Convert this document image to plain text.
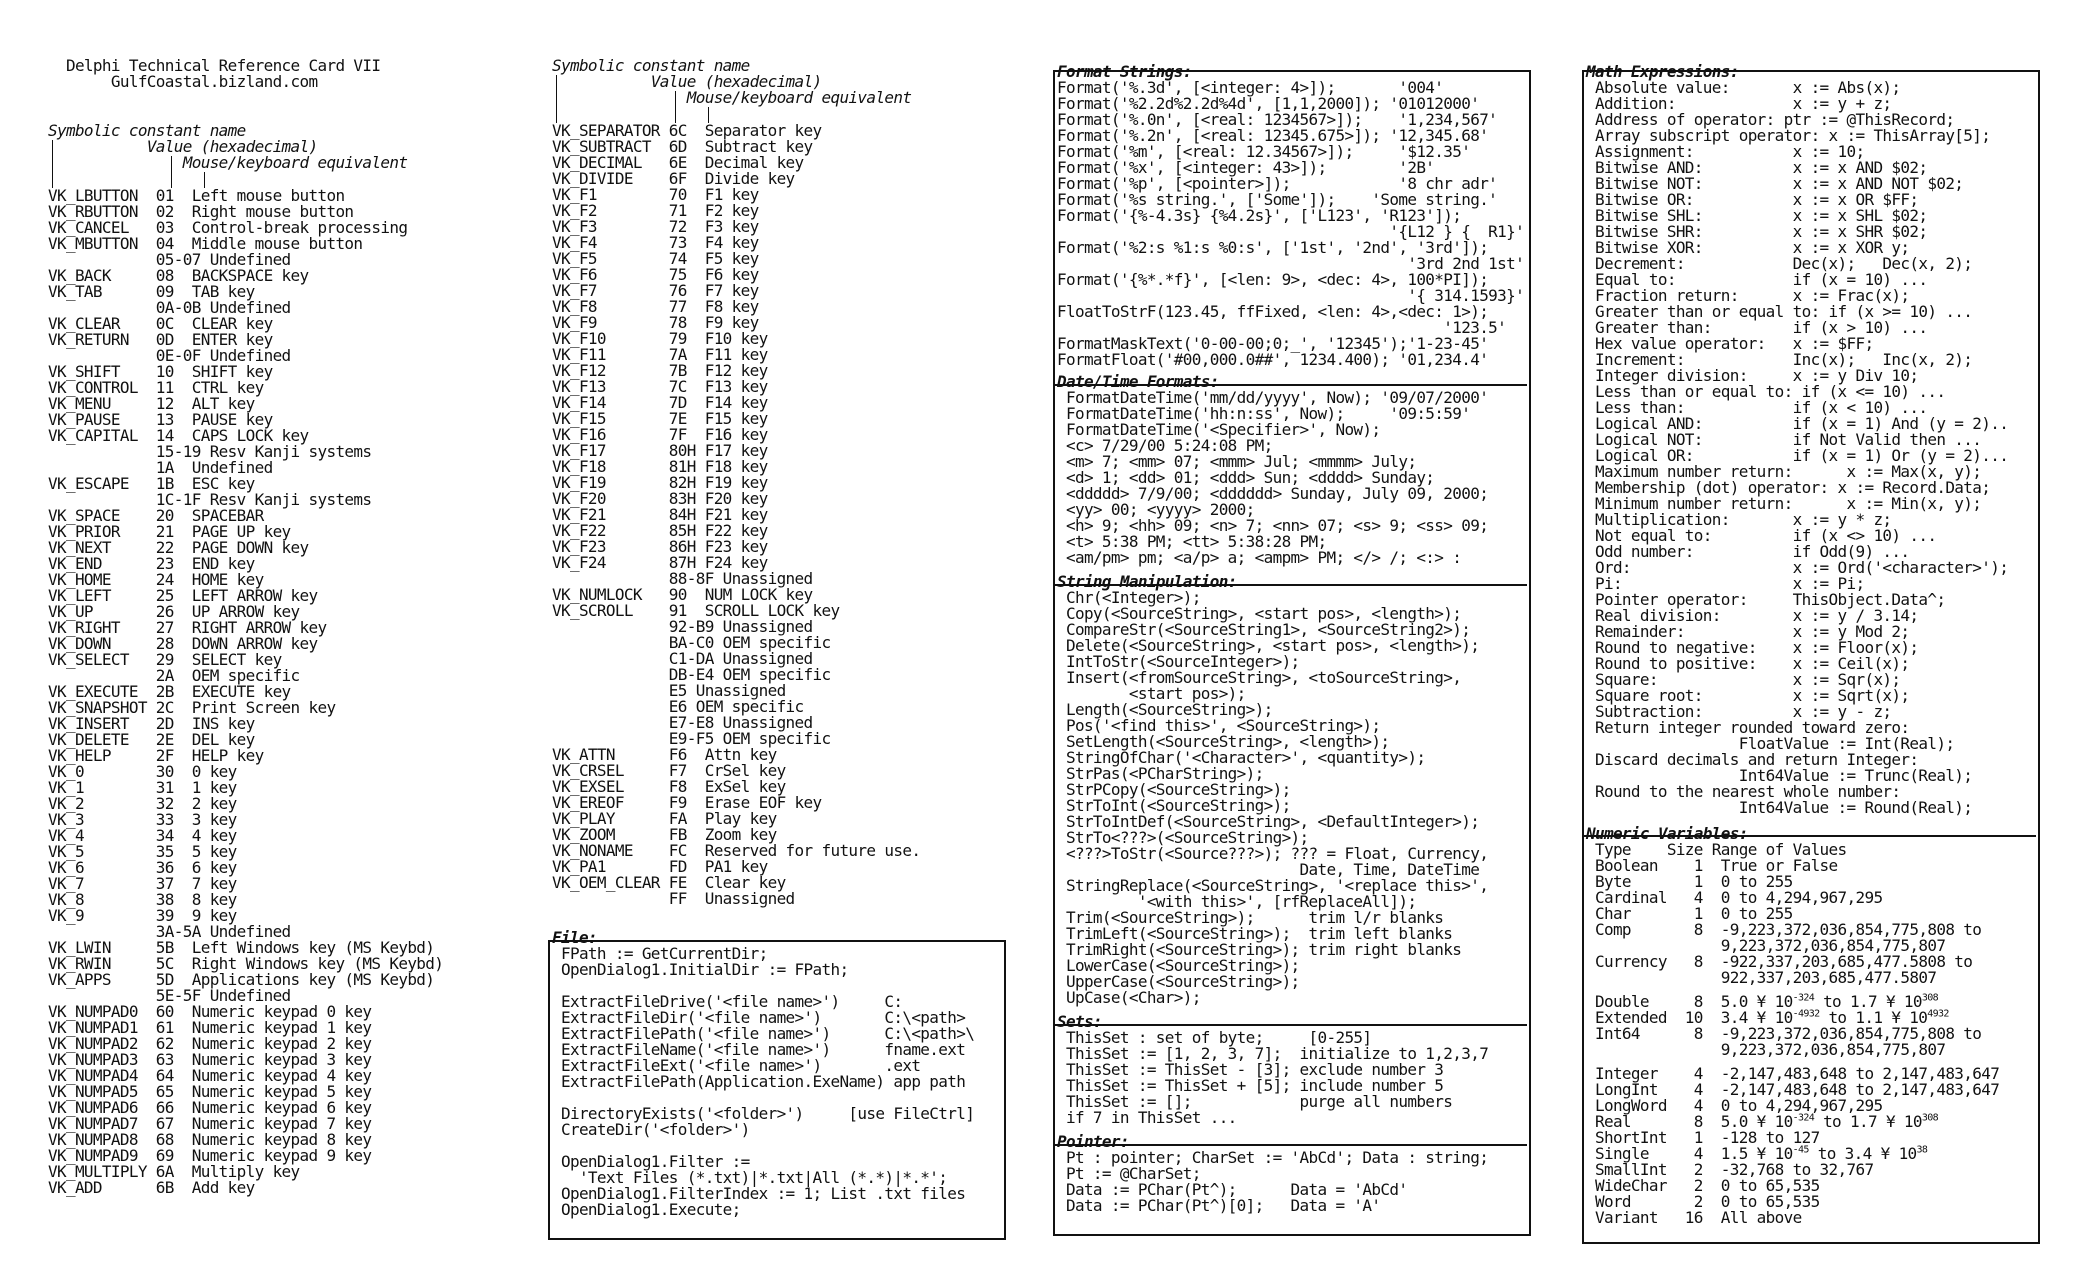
Delphi Technical Reference Card VII
GulfCoastal.bizland.com
Symbolic constant name
Value (hexadecimal)
Mouse/keyboard equivalent
VK_LBUTTON  01  Left mouse button
VK_RBUTTON  02  Right mouse button
VK_CANCEL   03  Control-break processing
VK_MBUTTON  04  Middle mouse button
05-07 Undefined
VK_BACK     08  BACKSPACE key
VK_TAB      09  TAB key
0A-0B Undefined
VK_CLEAR    0C  CLEAR key
VK_RETURN   0D  ENTER key
0E-0F Undefined
VK_SHIFT    10  SHIFT key
VK_CONTROL  11  CTRL key
VK_MENU     12  ALT key
VK_PAUSE    13  PAUSE key
VK_CAPITAL  14  CAPS LOCK key
15-19 Resv Kanji systems
1A  Undefined
VK_ESCAPE   1B  ESC key
1C-1F Resv Kanji systems
VK_SPACE    20  SPACEBAR
VK_PRIOR    21  PAGE UP key
VK_NEXT     22  PAGE DOWN key
VK_END      23  END key
VK_HOME     24  HOME key
VK_LEFT     25  LEFT ARROW key
VK_UP       26  UP ARROW key
VK_RIGHT    27  RIGHT ARROW key
VK_DOWN     28  DOWN ARROW key
VK_SELECT   29  SELECT key
2A  OEM specific
VK_EXECUTE  2B  EXECUTE key
VK_SNAPSHOT 2C  Print Screen key
VK_INSERT   2D  INS key
VK_DELETE   2E  DEL key
VK_HELP     2F  HELP key
VK_0        30  0 key
VK_1        31  1 key
VK_2        32  2 key
VK_3        33  3 key
VK_4        34  4 key
VK_5        35  5 key
VK_6        36  6 key
VK_7        37  7 key
VK_8        38  8 key
VK_9        39  9 key
3A-5A Undefined
VK_LWIN     5B  Left Windows key (MS Keybd)
VK_RWIN     5C  Right Windows key (MS Keybd)
VK_APPS     5D  Applications key (MS Keybd)
5E-5F Undefined
VK_NUMPAD0  60  Numeric keypad 0 key
VK_NUMPAD1  61  Numeric keypad 1 key
VK_NUMPAD2  62  Numeric keypad 2 key
VK_NUMPAD3  63  Numeric keypad 3 key
VK_NUMPAD4  64  Numeric keypad 4 key
VK_NUMPAD5  65  Numeric keypad 5 key
VK_NUMPAD6  66  Numeric keypad 6 key
VK_NUMPAD7  67  Numeric keypad 7 key
VK_NUMPAD8  68  Numeric keypad 8 key
VK_NUMPAD9  69  Numeric keypad 9 key
VK_MULTIPLY 6A  Multiply key
VK_ADD      6B  Add key
Symbolic constant name
Value (hexadecimal)
Mouse/keyboard equivalent
VK_SEPARATOR 6C  Separator key
VK_SUBTRACT  6D  Subtract key
VK_DECIMAL   6E  Decimal key
VK_DIVIDE    6F  Divide key
VK_F1        70  F1 key
VK_F2        71  F2 key
VK_F3        72  F3 key
VK_F4        73  F4 key
VK_F5        74  F5 key
VK_F6        75  F6 key
VK_F7        76  F7 key
VK_F8        77  F8 key
VK_F9        78  F9 key
VK_F10       79  F10 key
VK_F11       7A  F11 key
VK_F12       7B  F12 key
VK_F13       7C  F13 key
VK_F14       7D  F14 key
VK_F15       7E  F15 key
VK_F16       7F  F16 key
VK_F17       80H F17 key
VK_F18       81H F18 key
VK_F19       82H F19 key
VK_F20       83H F20 key
VK_F21       84H F21 key
VK_F22       85H F22 key
VK_F23       86H F23 key
VK_F24       87H F24 key
88-8F Unassigned
VK_NUMLOCK   90  NUM LOCK key
VK_SCROLL    91  SCROLL LOCK key
92-B9 Unassigned
BA-C0 OEM specific
C1-DA Unassigned
DB-E4 OEM specific
E5 Unassigned
E6 OEM specific
E7-E8 Unassigned
E9-F5 OEM specific
VK_ATTN      F6  Attn key
VK_CRSEL     F7  CrSel key
VK_EXSEL     F8  ExSel key
VK_EREOF     F9  Erase EOF key
VK_PLAY      FA  Play key
VK_ZOOM      FB  Zoom key
VK_NONAME    FC  Reserved for future use.
VK_PA1       FD  PA1 key
VK_OEM_CLEAR FE  Clear key
FF  Unassigned
File:
FPath := GetCurrentDir;
OpenDialog1.InitialDir := FPath;
ExtractFileDrive('<file name>')     C:
ExtractFileDir('<file name>')       C:\<path>
ExtractFilePath('<file name>')      C:\<path>\
ExtractFileName('<file name>')      fname.ext
ExtractFileExt('<file name>')       .ext
ExtractFilePath(Application.ExeName) app path
DirectoryExists('<folder>')     [use FileCtrl]
CreateDir('<folder>')
OpenDialog1.Filter :=
'Text Files (*.txt)|*.txt|All (*.*)|*.*';
OpenDialog1.FilterIndex := 1; List .txt files
OpenDialog1.Execute;
Format Strings:
Format('%.3d', [<integer: 4>]);       '004'
Format('%2.2d%2.2d%4d', [1,1,2000]); '01012000'
Format('%.0n', [<real: 1234567>]);    '1,234,567'
Format('%.2n', [<real: 12345.675>]); '12,345.68'
Format('%m', [<real: 12.34567>]);     '$12.35'
Format('%x', [<integer: 43>]);        '2B'
Format('%p', [<pointer>]);            '8 chr adr'
Format('%s string.', ['Some']);    'Some string.'
Format('{%-4.3s} {%4.2s}', ['L123', 'R123']);
'{L12 } {  R1}'
Format('%2:s %1:s %0:s', ['1st', '2nd', '3rd']);
'3rd 2nd 1st'
Format('{%*.*f}', [<len: 9>, <dec: 4>, 100*PI]);
'{ 314.1593}'
FloatToStrF(123.45, ffFixed, <len: 4>,<dec: 1>);
'123.5'
FormatMaskText('0-00-00;0;_', '12345');'1-23-45'
FormatFloat('#00,000.0##', 1234.400); '01,234.4'
Date/Time Formats:
FormatDateTime('mm/dd/yyyy', Now); '09/07/2000'
FormatDateTime('hh:n:ss', Now);     '09:5:59'
FormatDateTime('<Specifier>', Now);
<c> 7/29/00 5:24:08 PM;
<m> 7; <mm> 07; <mmm> Jul; <mmmm> July;
<d> 1; <dd> 01; <ddd> Sun; <dddd> Sunday;
<ddddd> 7/9/00; <dddddd> Sunday, July 09, 2000;
<yy> 00; <yyyy> 2000;
<h> 9; <hh> 09; <n> 7; <nn> 07; <s> 9; <ss> 09;
<t> 5:38 PM; <tt> 5:38:28 PM;
<am/pm> pm; <a/p> a; <ampm> PM; </> /; <:> :
String Manipulation:
Chr(<Integer>);
Copy(<SourceString>, <start pos>, <length>);
CompareStr(<SourceString1>, <SourceString2>);
Delete(<SourceString>, <start pos>, <length>);
IntToStr(<SourceInteger>);
Insert(<fromSourceString>, <toSourceString>,
<start pos>);
Length(<SourceString>);
Pos('<find this>', <SourceString>);
SetLength(<SourceString>, <length>);
StringOfChar('<Character>', <quantity>);
StrPas(<PCharString>);
StrPCopy(<SourceString>);
StrToInt(<SourceString>);
StrToIntDef(<SourceString>, <DefaultInteger>);
StrTo<???>(<SourceString>);
<???>ToStr(<Source???>); ??? = Float, Currency,
Date, Time, DateTime
StringReplace(<SourceString>, '<replace this>',
'<with this>', [rfReplaceAll]);
Trim(<SourceString>);      trim l/r blanks
TrimLeft(<SourceString>);  trim left blanks
TrimRight(<SourceString>); trim right blanks
LowerCase(<SourceString>);
UpperCase(<SourceString>);
UpCase(<Char>);
Sets:
ThisSet : set of byte;     [0-255]
ThisSet := [1, 2, 3, 7];  initialize to 1,2,3,7
ThisSet := ThisSet - [3]; exclude number 3
ThisSet := ThisSet + [5]; include number 5
ThisSet := [];            purge all numbers
if 7 in ThisSet ...
Pointer:
Pt : pointer; CharSet := 'AbCd'; Data : string;
Pt := @CharSet;
Data := PChar(Pt^);      Data = 'AbCd'
Data := PChar(Pt^)[0];   Data = 'A'
Math Expressions:
Absolute value:       x := Abs(x);
Addition:             x := y + z;
Address of operator: ptr := @ThisRecord;
Array subscript operator: x := ThisArray[5];
Assignment:           x := 10;
Bitwise AND:          x := x AND $02;
Bitwise NOT:          x := x AND NOT $02;
Bitwise OR:           x := x OR $FF;
Bitwise SHL:          x := x SHL $02;
Bitwise SHR:          x := x SHR $02;
Bitwise XOR:          x := x XOR y;
Decrement:            Dec(x);   Dec(x, 2);
Equal to:             if (x = 10) ...
Fraction return:      x := Frac(x);
Greater than or equal to: if (x >= 10) ...
Greater than:         if (x > 10) ...
Hex value operator:   x := $FF;
Increment:            Inc(x);   Inc(x, 2);
Integer division:     x := y Div 10;
Less than or equal to: if (x <= 10) ...
Less than:            if (x < 10) ...
Logical AND:          if (x = 1) And (y = 2)..
Logical NOT:          if Not Valid then ...
Logical OR:           if (x = 1) Or (y = 2)...
Maximum number return:      x := Max(x, y);
Membership (dot) operator: x := Record.Data;
Minimum number return:      x := Min(x, y);
Multiplication:       x := y * z;
Not equal to:         if (x <> 10) ...
Odd number:           if Odd(9) ...
Ord:                  x := Ord('<character>');
Pi:                   x := Pi;
Pointer operator:     ThisObject.Data^;
Real division:        x := y / 3.14;
Remainder:            x := y Mod 2;
Round to negative:    x := Floor(x);
Round to positive:    x := Ceil(x);
Square:               x := Sqr(x);
Square root:          x := Sqrt(x);
Subtraction:          x := y - z;
Return integer rounded toward zero:
FloatValue := Int(Real);
Discard decimals and return Integer:
Int64Value := Trunc(Real);
Round to the nearest whole number:
Int64Value := Round(Real);
Numeric Variables:
Type    Size Range of Values
Boolean    1  True or False
Byte       1  0 to 255
Cardinal   4  0 to 4,294,967,295
Char       1  0 to 255
Comp       8  -9,223,372,036,854,775,808 to
9,223,372,036,854,775,807
Currency   8  -922,337,203,685,477.5808 to
922,337,203,685,477.5807
Double     8  5.0 ¥ $10^{-324}$ to 1.7 ¥ $10^{308}$
Extended  10  3.4 ¥ $10^{-4932}$ to 1.1 ¥ $10^{4932}$
Int64      8  -9,223,372,036,854,775,808 to
9,223,372,036,854,775,807
Integer    4  -2,147,483,648 to 2,147,483,647
LongInt    4  -2,147,483,648 to 2,147,483,647
LongWord   4  0 to 4,294,967,295
Real       8  5.0 ¥ $10^{-324}$ to 1.7 ¥ $10^{308}$
ShortInt   1  -128 to 127
Single     4  1.5 ¥ $10^{-45}$ to 3.4 ¥ $10^{38}$
SmallInt   2  -32,768 to 32,767
WideChar   2  0 to 65,535
Word       2  0 to 65,535
Variant   16  All above
